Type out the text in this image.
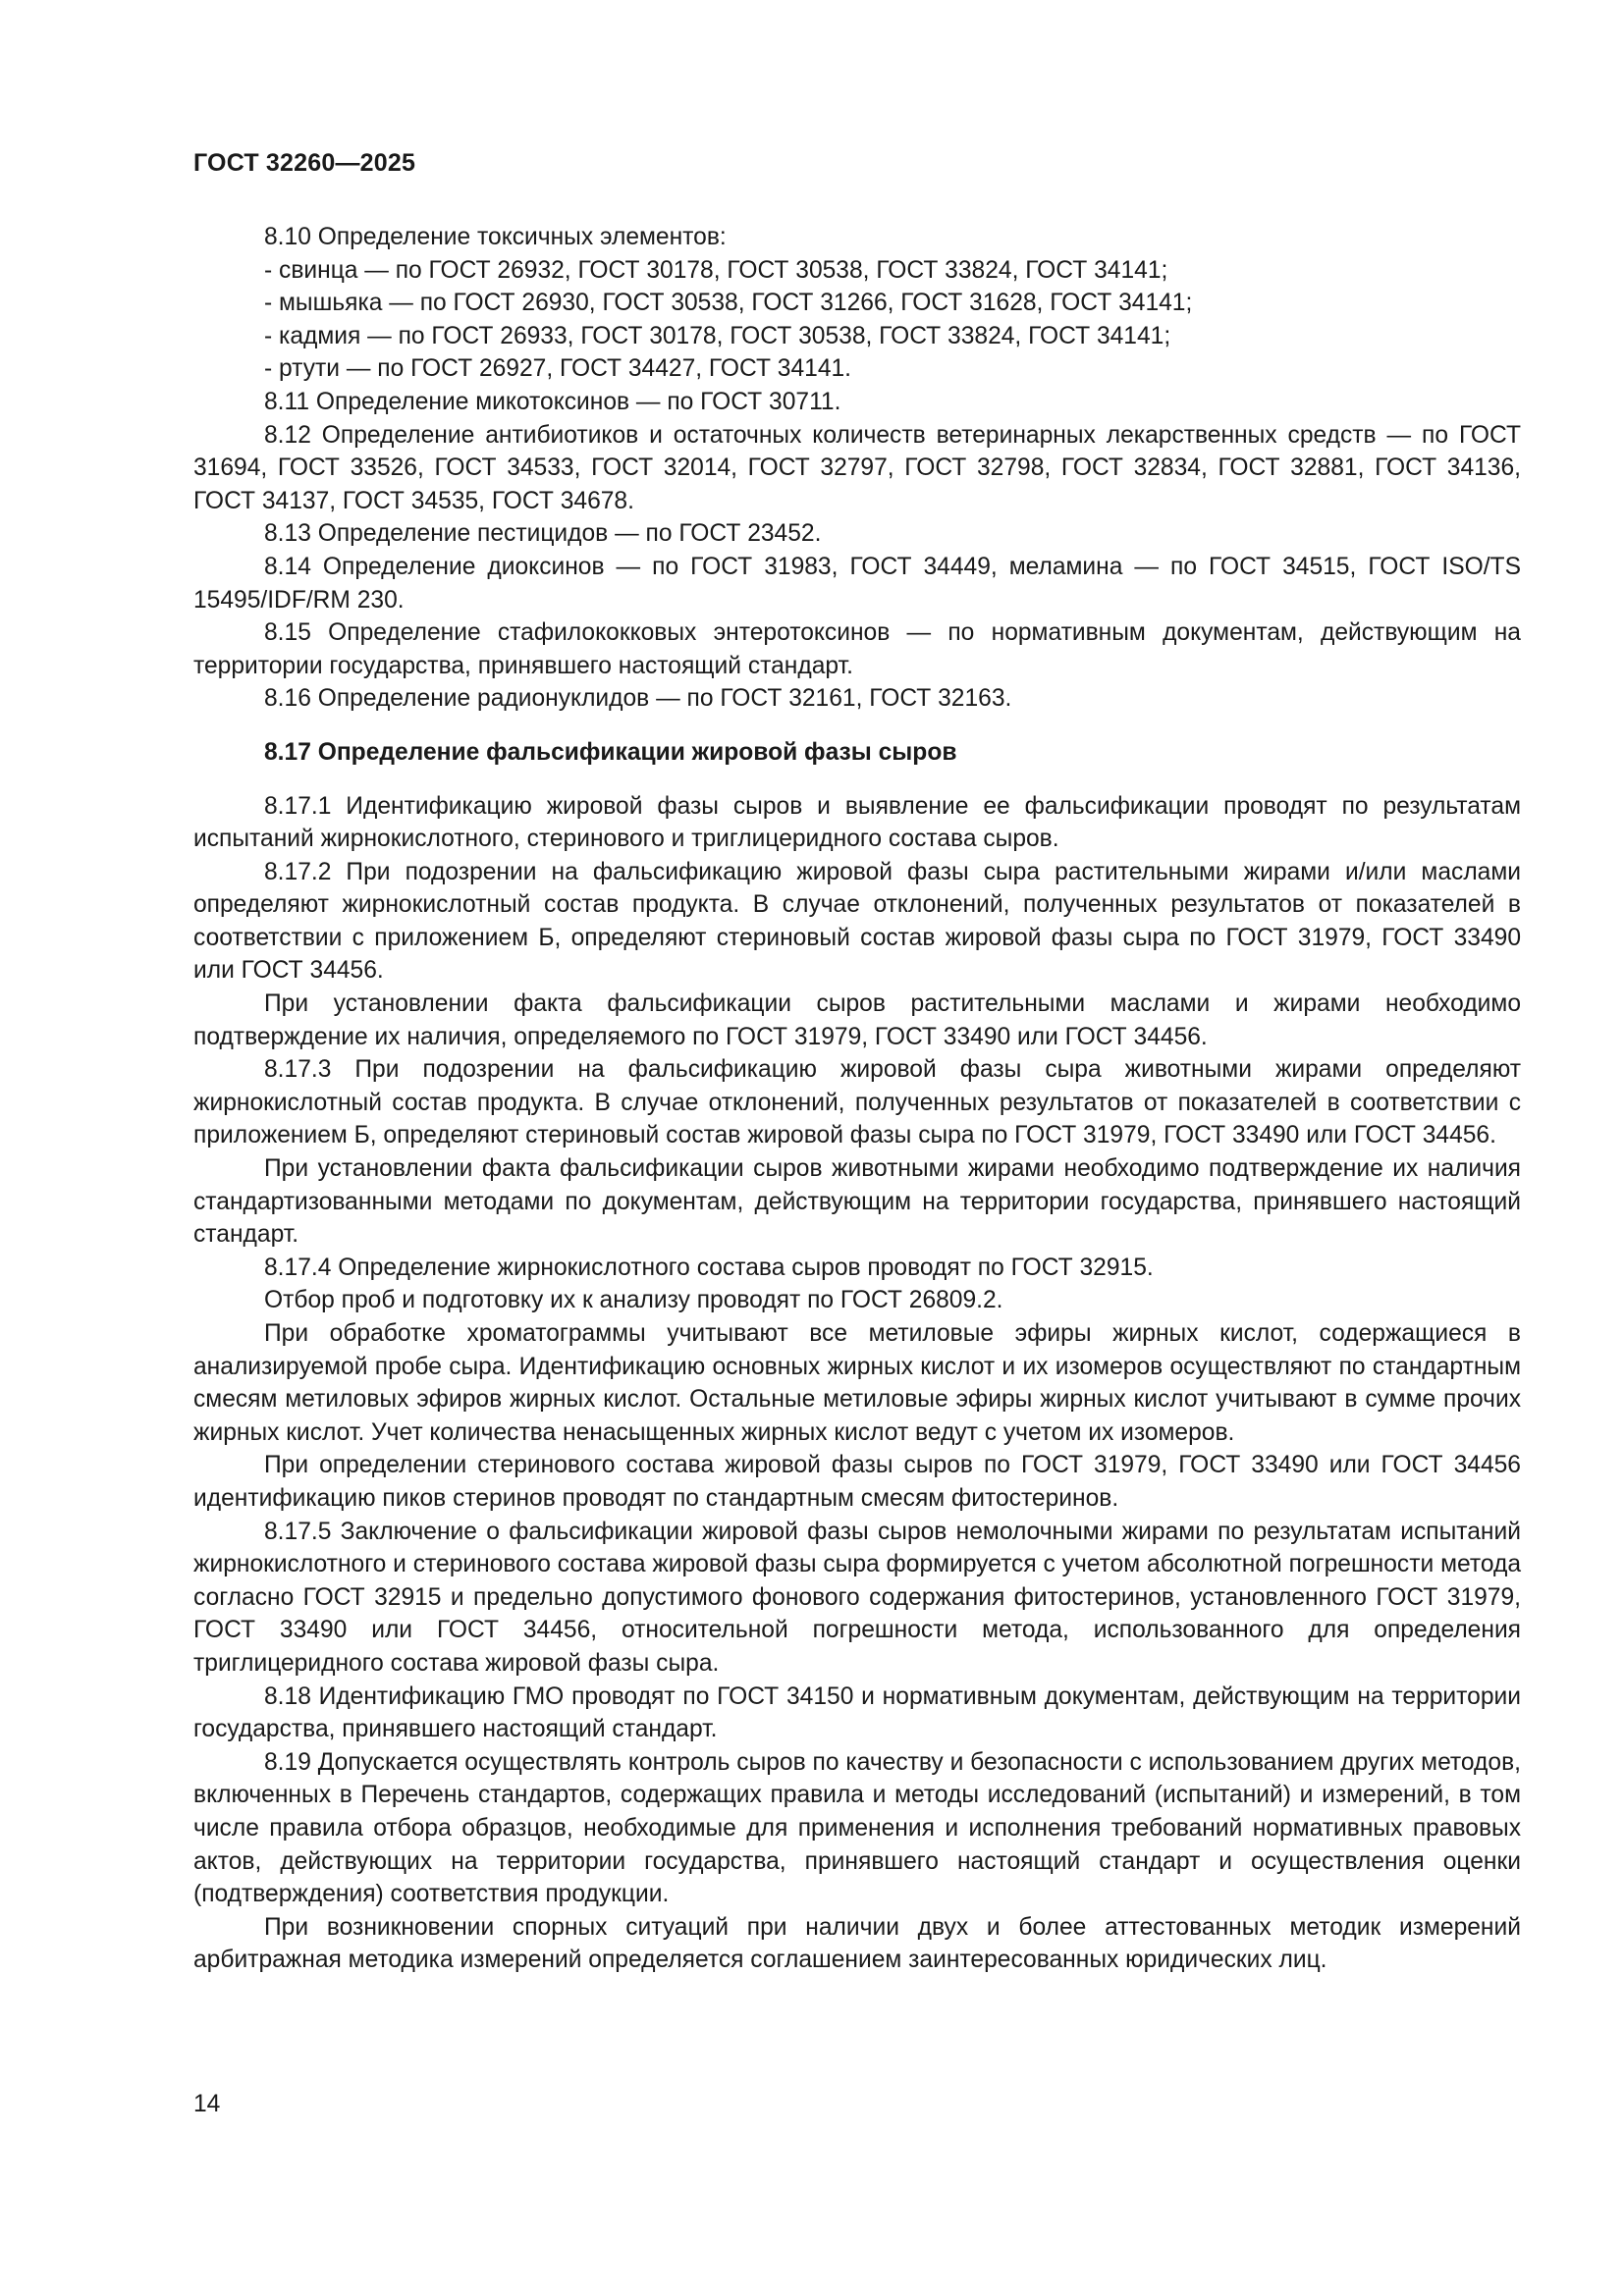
ГОСТ 32260—2025

8.10 Определение токсичных элементов:

- свинца — по ГОСТ 26932, ГОСТ 30178, ГОСТ 30538, ГОСТ 33824, ГОСТ 34141;

- мышьяка — по ГОСТ 26930, ГОСТ 30538, ГОСТ 31266, ГОСТ 31628, ГОСТ 34141;

- кадмия — по ГОСТ 26933, ГОСТ 30178, ГОСТ 30538, ГОСТ 33824, ГОСТ 34141;

- ртути — по ГОСТ 26927, ГОСТ 34427, ГОСТ 34141.

8.11 Определение микотоксинов — по ГОСТ 30711.

8.12 Определение антибиотиков и остаточных количеств ветеринарных лекарственных средств — по ГОСТ 31694, ГОСТ 33526, ГОСТ 34533, ГОСТ 32014, ГОСТ 32797, ГОСТ 32798, ГОСТ 32834, ГОСТ 32881, ГОСТ 34136, ГОСТ 34137, ГОСТ 34535, ГОСТ 34678.

8.13 Определение пестицидов — по ГОСТ 23452.

8.14 Определение диоксинов — по ГОСТ 31983, ГОСТ 34449, меламина — по ГОСТ 34515, ГОСТ ISO/TS 15495/IDF/RM 230.

8.15 Определение стафилококковых энтеротоксинов — по нормативным документам, действующим на территории государства, принявшего настоящий стандарт.

8.16 Определение радионуклидов — по ГОСТ 32161, ГОСТ 32163.

8.17 Определение фальсификации жировой фазы сыров

8.17.1 Идентификацию жировой фазы сыров и выявление ее фальсификации проводят по результатам испытаний жирнокислотного, стеринового и триглицеридного состава сыров.

8.17.2 При подозрении на фальсификацию жировой фазы сыра растительными жирами и/или маслами определяют жирнокислотный состав продукта. В случае отклонений, полученных результатов от показателей в соответствии с приложением Б, определяют стериновый состав жировой фазы сыра по ГОСТ 31979, ГОСТ 33490 или ГОСТ 34456.

При установлении факта фальсификации сыров растительными маслами и жирами необходимо подтверждение их наличия, определяемого по ГОСТ 31979, ГОСТ 33490 или ГОСТ 34456.

8.17.3 При подозрении на фальсификацию жировой фазы сыра животными жирами определяют жирнокислотный состав продукта. В случае отклонений, полученных результатов от показателей в соответствии с приложением Б, определяют стериновый состав жировой фазы сыра по ГОСТ 31979, ГОСТ 33490 или ГОСТ 34456.

При установлении факта фальсификации сыров животными жирами необходимо подтверждение их наличия стандартизованными методами по документам, действующим на территории государства, принявшего настоящий стандарт.

8.17.4 Определение жирнокислотного состава сыров проводят по ГОСТ 32915.

Отбор проб и подготовку их к анализу проводят по ГОСТ 26809.2.

При обработке хроматограммы учитывают все метиловые эфиры жирных кислот, содержащиеся в анализируемой пробе сыра. Идентификацию основных жирных кислот и их изомеров осуществляют по стандартным смесям метиловых эфиров жирных кислот. Остальные метиловые эфиры жирных кислот учитывают в сумме прочих жирных кислот. Учет количества ненасыщенных жирных кислот ведут с учетом их изомеров.

При определении стеринового состава жировой фазы сыров по ГОСТ 31979, ГОСТ 33490 или ГОСТ 34456 идентификацию пиков стеринов проводят по стандартным смесям фитостеринов.

8.17.5 Заключение о фальсификации жировой фазы сыров немолочными жирами по результатам испытаний жирнокислотного и стеринового состава жировой фазы сыра формируется с учетом абсолютной погрешности метода согласно ГОСТ 32915 и предельно допустимого фонового содержания фитостеринов, установленного ГОСТ 31979, ГОСТ 33490 или ГОСТ 34456, относительной погрешности метода, использованного для определения триглицеридного состава жировой фазы сыра.

8.18 Идентификацию ГМО проводят по ГОСТ 34150 и нормативным документам, действующим на территории государства, принявшего настоящий стандарт.

8.19 Допускается осуществлять контроль сыров по качеству и безопасности с использованием других методов, включенных в Перечень стандартов, содержащих правила и методы исследований (испытаний) и измерений, в том числе правила отбора образцов, необходимые для применения и исполнения требований нормативных правовых актов, действующих на территории государства, принявшего настоящий стандарт и осуществления оценки (подтверждения) соответствия продукции.

При возникновении спорных ситуаций при наличии двух и более аттестованных методик измерений арбитражная методика измерений определяется соглашением заинтересованных юридических лиц.

14
